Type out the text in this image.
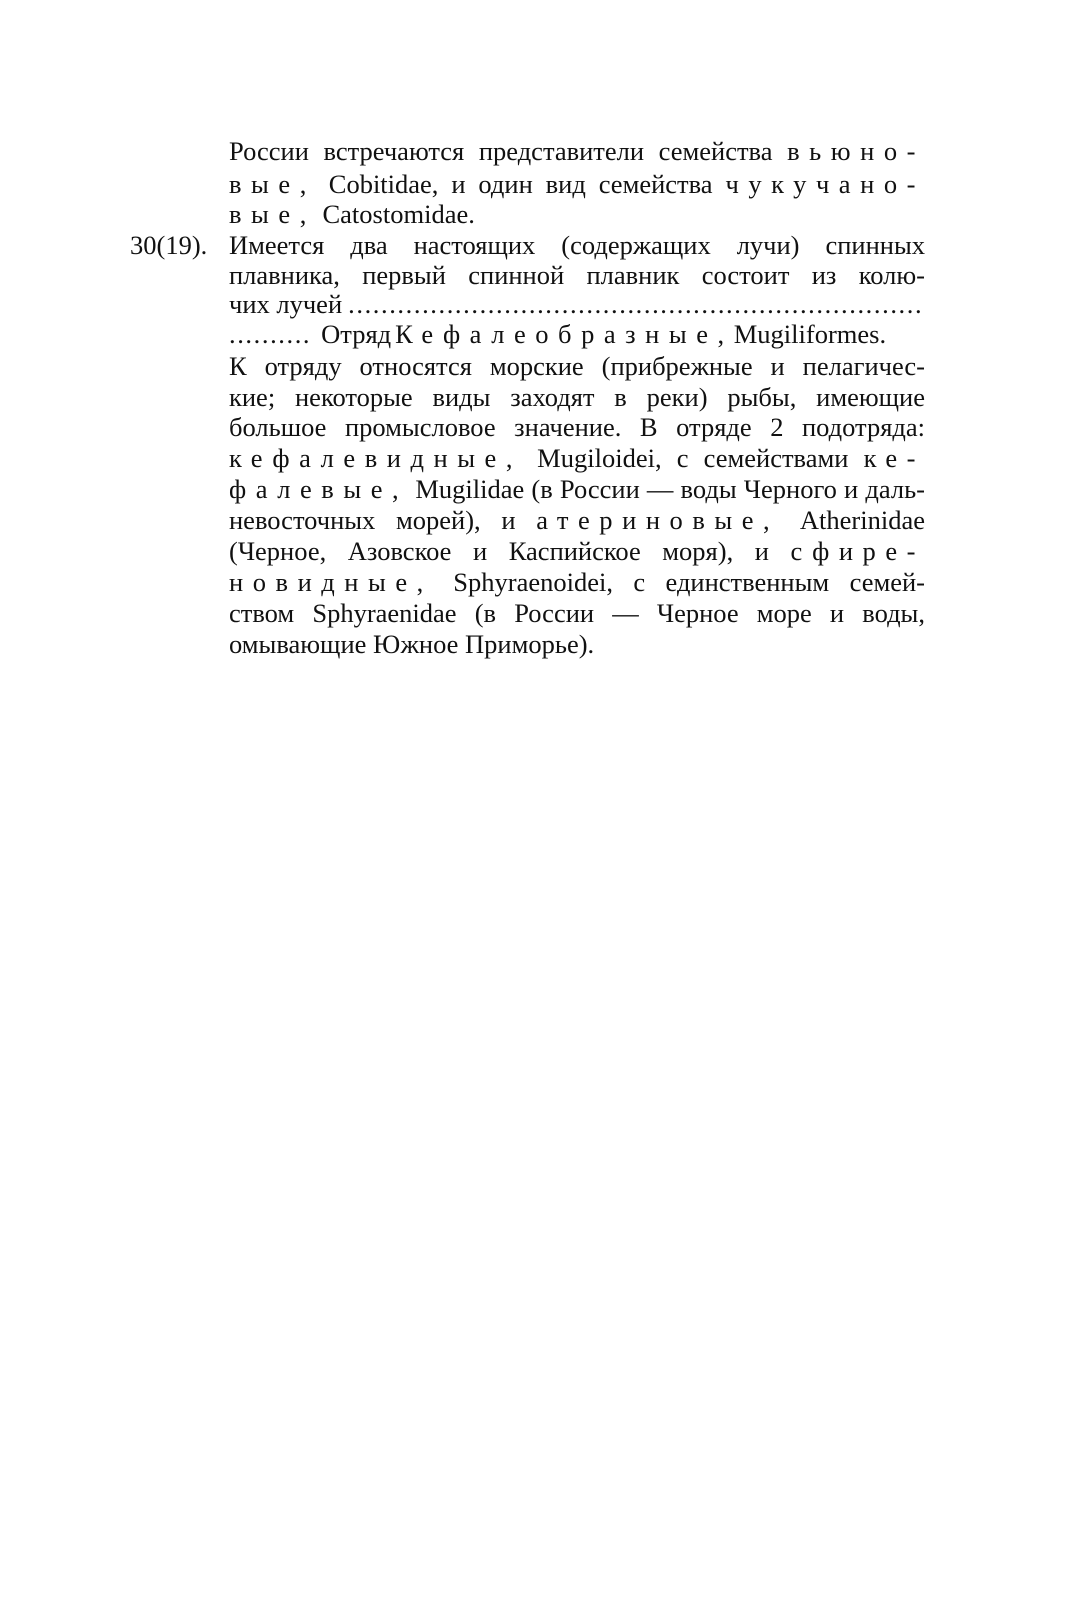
России встречаются представители семейства вьюно-
вые, Cobitidae, и один вид семейства чукучано-
вые, Catostomidae.
30(19). Имеется два настоящих (содержащих лучи) спинных
плавника, первый спинной плавник состоит из колю-
чих лучей
.....
.....
Отряд Кефалеобразные, Mugiliformes.
К отряду относятся морские (прибрежные и пелагичес-
кие; некоторые виды заходят в реки) рыбы, имеющие
большое промысловое значение. В отряде 2 подотряда:
кефалевидные, Mugiloidei, с семействами ке-
фалевые, Mugilidae (в России — воды Черного и даль-
невосточных морей), и атериновые, Atherinidae
(Черное, Азовское и Каспийское моря), и сфире-
новидные, Sphyraenoidei, с единственным семей-
ством Sphyraenidae (в России — Черное море и воды,
омывающие Южное Приморье).
